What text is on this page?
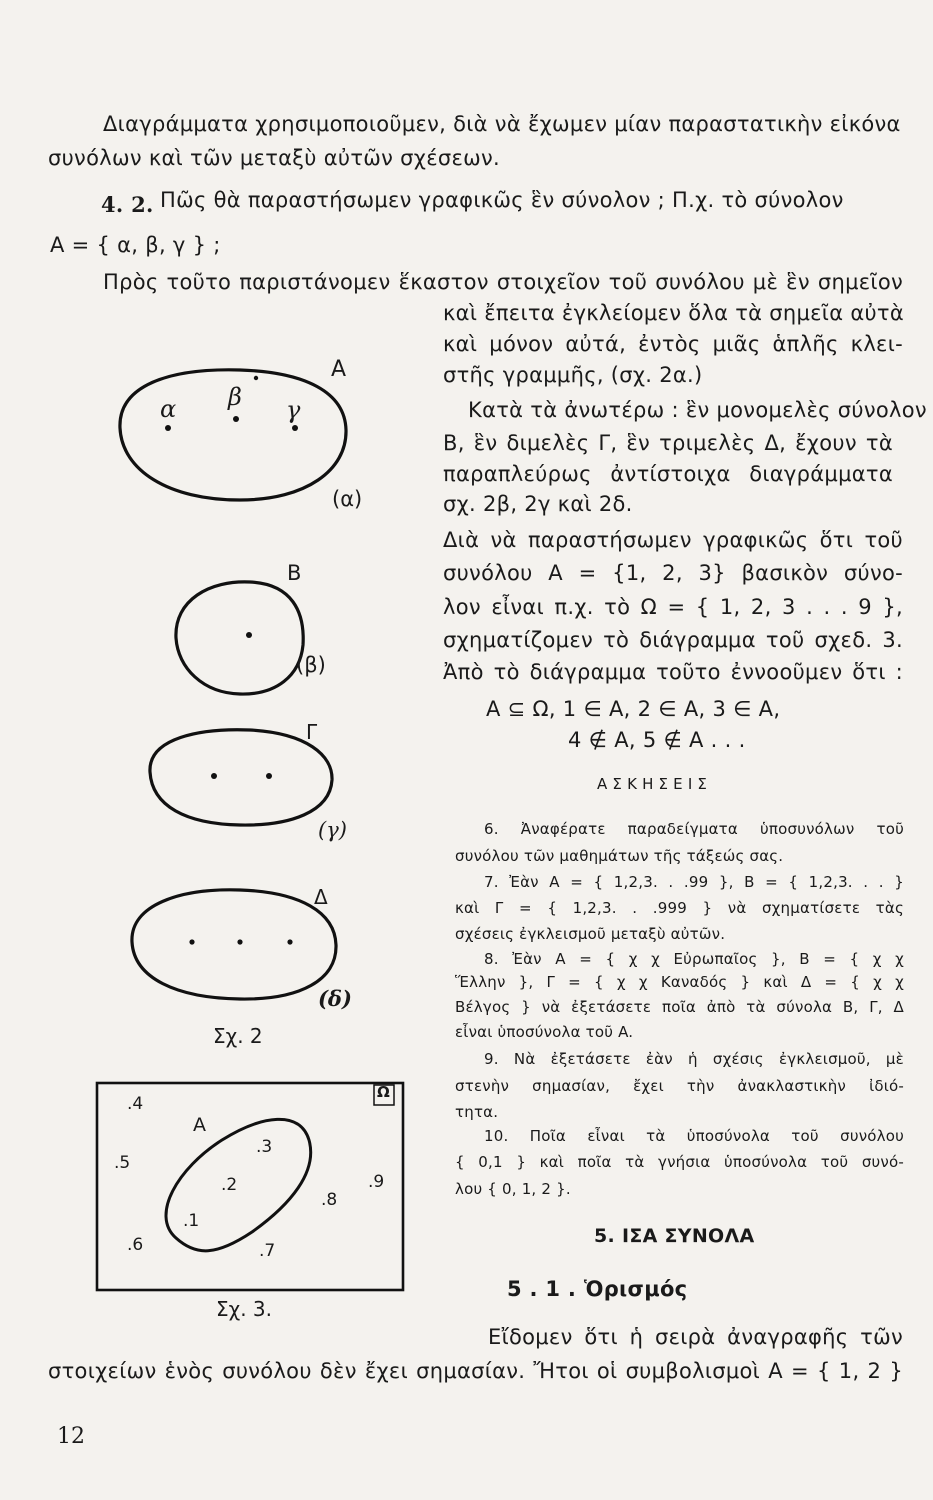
Διαγράμματα χρησιμοποιοῦμεν, διὰ νὰ ἔχωμεν μίαν παραστατικὴν εἰκόνα
συνόλων καὶ τῶν μεταξὺ αὐτῶν σχέσεων.
4. 2. Πῶς θὰ παραστήσωμεν γραφικῶς ἓν σύνολον ; Π.χ. τὸ σύνολον
A = { α, β, γ } ;
Πρὸς τοῦτο παριστάνομεν ἕκαστον στοιχεῖον τοῦ συνόλου μὲ ἓν σημεῖον
καὶ ἔπειτα ἐγκλείομεν ὅλα τὰ σημεῖα αὐτὰ
καὶ μόνον αὐτά, ἐντὸς μιᾶς ἁπλῆς κλει-
στῆς γραμμῆς, (σχ. 2α.)
Κατὰ τὰ ἀνωτέρω : ἓν μονομελὲς σύνολον
Β, ἓν διμελὲς Γ, ἓν τριμελὲς Δ, ἔχουν τὰ
παραπλεύρως ἀντίστοιχα διαγράμματα
σχ. 2β, 2γ καὶ 2δ.
Διὰ νὰ παραστήσωμεν γραφικῶς ὅτι τοῦ
συνόλου A = {1, 2, 3} βασικὸν σύνο-
λον εἶναι π.χ. τὸ Ω = { 1, 2, 3 . . . 9 },
σχηματίζομεν τὸ διάγραμμα τοῦ σχεδ. 3.
Ἀπὸ τὸ διάγραμμα τοῦτο ἐννοοῦμεν ὅτι :
A ⊆ Ω, 1 ∈ A, 2 ∈ A, 3 ∈ A,
4 ∉ A, 5 ∉ A . . .
Α Σ Κ Η Σ Ε Ι Σ
6. Ἀναφέρατε παραδείγματα ὑποσυνόλων τοῦ
συνόλου τῶν μαθημάτων τῆς τάξεώς σας.
7. Ἐὰν A = { 1,2,3. . .99 }, B = { 1,2,3. . . }
καὶ Γ = { 1,2,3. . .999 } νὰ σχηματίσετε τὰς
σχέσεις ἐγκλεισμοῦ μεταξὺ αὐτῶν.
8. Ἐὰν A = { χ χ Εὐρωπαῖος }, B = { χ χ
Ἕλλην }, Γ = { χ χ Καναδός } καὶ Δ = { χ χ
Βέλγος } νὰ ἐξετάσετε ποῖα ἀπὸ τὰ σύνολα B, Γ, Δ
εἶναι ὑποσύνολα τοῦ A.
9. Νὰ ἐξετάσετε ἐὰν ἡ σχέσις ἐγκλεισμοῦ, μὲ
στενὴν σημασίαν, ἔχει τὴν ἀνακλαστικὴν ἰδιό-
τητα.
10. Ποῖα εἶναι τὰ ὑποσύνολα τοῦ συνόλου
{ 0,1 } καὶ ποῖα τὰ γνήσια ὑποσύνολα τοῦ συνό-
λου { 0, 1, 2 }.
5. ΙΣΑ ΣΥΝΟΛΑ
5 . 1 . Ὁρισμός
Εἴδομεν ὅτι ἡ σειρὰ ἀναγραφῆς τῶν
στοιχείων ἑνὸς συνόλου δὲν ἔχει σημασίαν. Ἤτοι οἱ συμβολισμοὶ A = { 1, 2 }
A
α β γ
(α)
B
(β)
Γ
(γ)
Δ
(δ)
Σχ. 2
Ω
A
.4
.3
.5
.2	.9
.8
.1
.6	.7
Σχ. 3.
12
